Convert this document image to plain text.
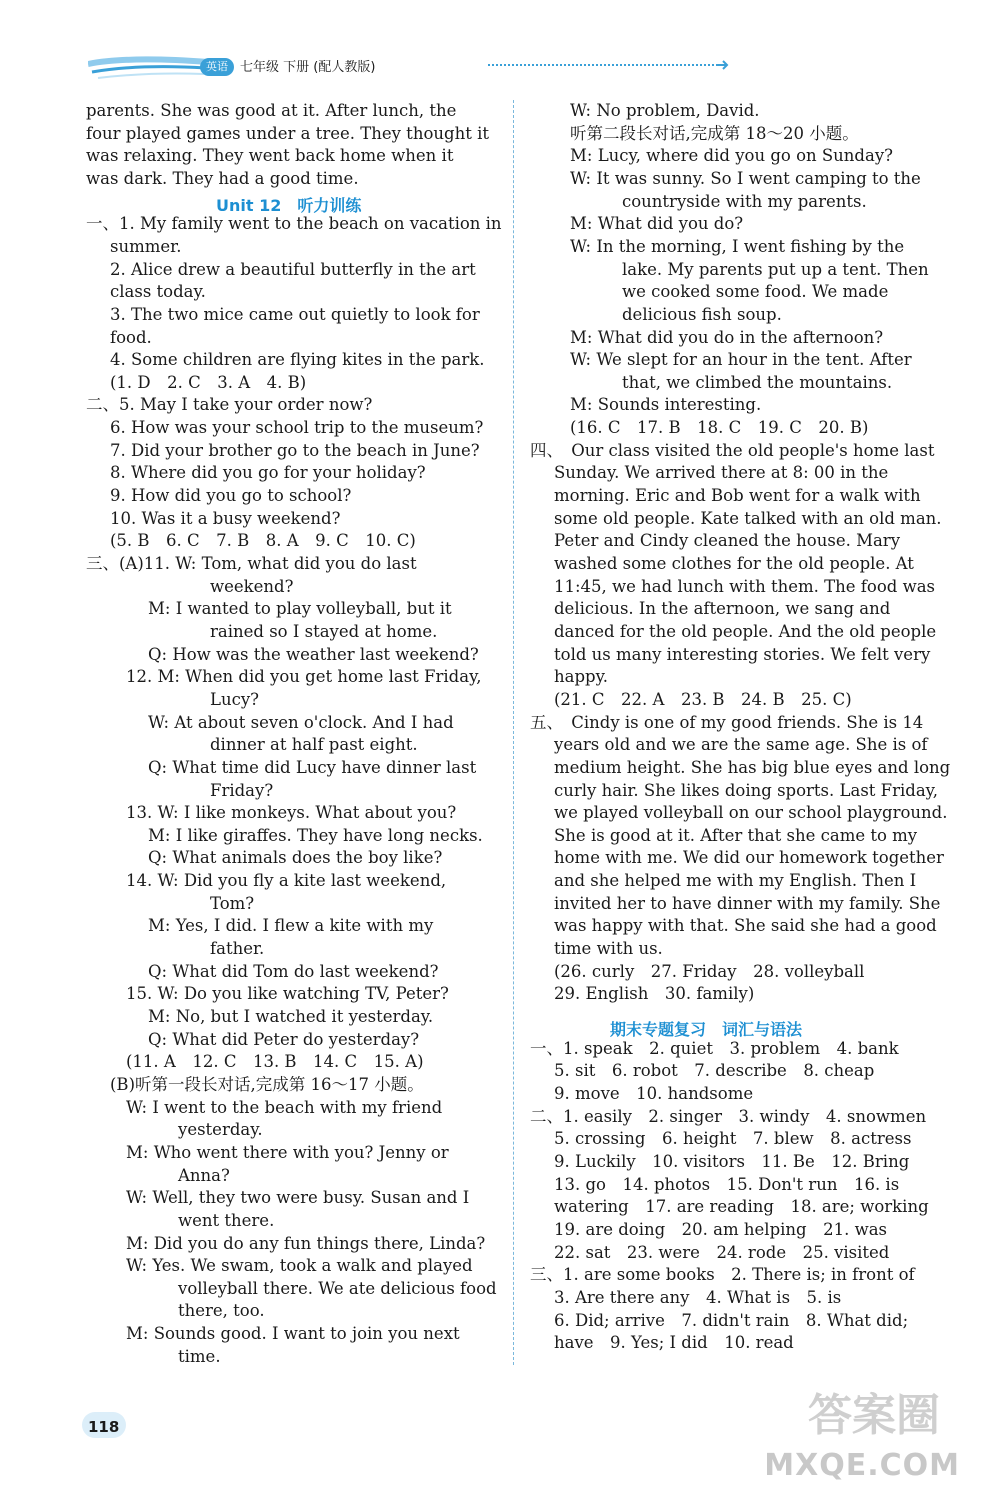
英语 七年级 下册 (配人教版)
parents. She was good at it. After lunch, the
four played games under a tree. They thought it
was relaxing. They went back home when it
was dark. They had a good time.
Unit 12　听力训练
一、1. My family went to the beach on vacation in
summer.
2. Alice drew a beautiful butterfly in the art
class today.
3. The two mice came out quietly to look for
food.
4. Some children are flying kites in the park.
(1. D　2. C　3. A　4. B)
二、5. May I take your order now?
6. How was your school trip to the museum?
7. Did your brother go to the beach in June?
8. Where did you go for your holiday?
9. How did you go to school?
10. Was it a busy weekend?
(5. B　6. C　7. B　8. A　9. C　10. C)
三、(A)11. W: Tom, what did you do last
weekend?
M: I wanted to play volleyball, but it
rained so I stayed at home.
Q: How was the weather last weekend?
12. M: When did you get home last Friday,
Lucy?
W: At about seven o'clock. And I had
dinner at half past eight.
Q: What time did Lucy have dinner last
Friday?
13. W: I like monkeys. What about you?
M: I like giraffes. They have long necks.
Q: What animals does the boy like?
14. W: Did you fly a kite last weekend,
Tom?
M: Yes, I did. I flew a kite with my
father.
Q: What did Tom do last weekend?
15. W: Do you like watching TV, Peter?
M: No, but I watched it yesterday.
Q: What did Peter do yesterday?
(11. A　12. C　13. B　14. C　15. A)
(B)听第一段长对话,完成第 16～17 小题。
W: I went to the beach with my friend
yesterday.
M: Who went there with you? Jenny or
Anna?
W: Well, they two were busy. Susan and I
went there.
M: Did you do any fun things there, Linda?
W: Yes. We swam, took a walk and played
volleyball there. We ate delicious food
there, too.
M: Sounds good. I want to join you next
time.
W: No problem, David.
听第二段长对话,完成第 18～20 小题。
M: Lucy, where did you go on Sunday?
W: It was sunny. So I went camping to the
countryside with my parents.
M: What did you do?
W: In the morning, I went fishing by the
lake. My parents put up a tent. Then
we cooked some food. We made
delicious fish soup.
M: What did you do in the afternoon?
W: We slept for an hour in the tent. After
that, we climbed the mountains.
M: Sounds interesting.
(16. C　17. B　18. C　19. C　20. B)
四、　Our class visited the old people's home last
Sunday. We arrived there at 8: 00 in the
morning. Eric and Bob went for a walk with
some old people. Kate talked with an old man.
Peter and Cindy cleaned the house. Mary
washed some clothes for the old people. At
11:45, we had lunch with them. The food was
delicious. In the afternoon, we sang and
danced for the old people. And the old people
told us many interesting stories. We felt very
happy.
(21. C　22. A　23. B　24. B　25. C)
五、　Cindy is one of my good friends. She is 14
years old and we are the same age. She is of
medium height. She has big blue eyes and long
curly hair. She likes doing sports. Last Friday,
we played volleyball on our school playground.
She is good at it. After that she came to my
home with me. We did our homework together
and she helped me with my English. Then I
invited her to have dinner with my family. She
was happy with that. She said she had a good
time with us.
(26. curly　27. Friday　28. volleyball
29. English　30. family)
期末专题复习　词汇与语法
一、1. speak　2. quiet　3. problem　4. bank
5. sit　6. robot　7. describe　8. cheap
9. move　10. handsome
二、1. easily　2. singer　3. windy　4. snowmen
5. crossing　6. height　7. blew　8. actress
9. Luckily　10. visitors　11. Be　12. Bring
13. go　14. photos　15. Don't run　16. is
watering　17. are reading　18. are; working
19. are doing　20. am helping　21. was
22. sat　23. were　24. rode　25. visited
三、1. are some books　2. There is; in front of
3. Are there any　4. What is　5. is
6. Did; arrive　7. didn't rain　8. What did;
have　9. Yes; I did　10. read
118	答案圈
MXQE.COM
